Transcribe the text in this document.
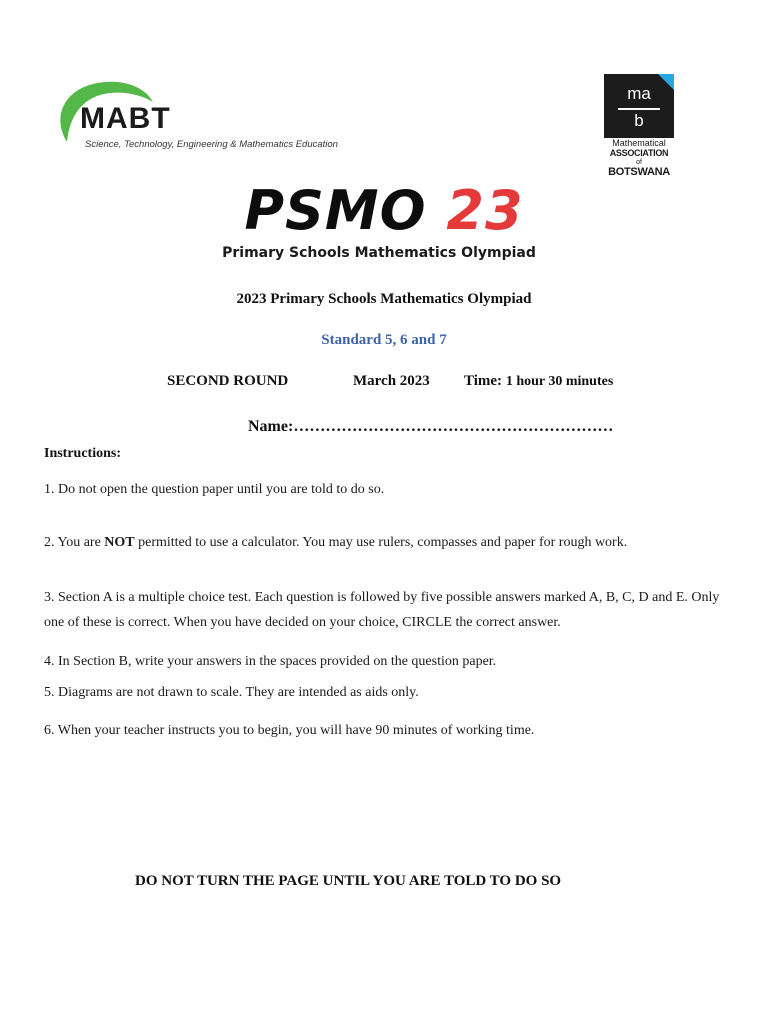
MABT
Science, Technology, Engineering & Mathematics Education
ma
b
Mathematical
ASSOCIATION
of
BOTSWANA
PSMO 23
Primary Schools Mathematics Olympiad
2023 Primary Schools Mathematics Olympiad
Standard 5, 6 and 7
SECOND ROUND	March 2023 Time: 1 hour 30 minutes
Name:……………………………………………………
Instructions:
1. Do not open the question paper until you are told to do so.
2. You are NOT permitted to use a calculator. You may use rulers, compasses and paper for rough work.
3. Section A is a multiple choice test. Each question is followed by five possible answers marked A, B, C, D and E. Only one of these is correct. When you have decided on your choice, CIRCLE the correct answer.
4. In Section B, write your answers in the spaces provided on the question paper.
5. Diagrams are not drawn to scale. They are intended as aids only.
6. When your teacher instructs you to begin, you will have 90 minutes of working time.
DO NOT TURN THE PAGE UNTIL YOU ARE TOLD TO DO SO
